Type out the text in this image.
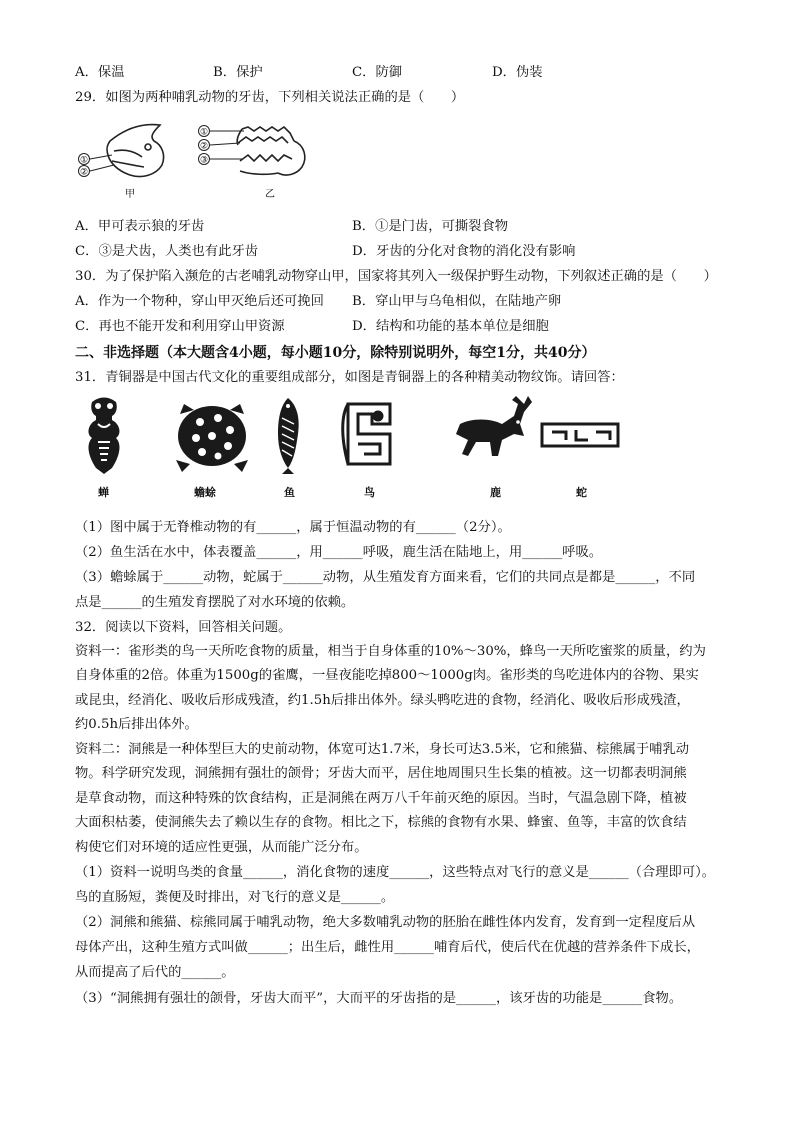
A．保温	B．保护	C．防御	D．伪装
29．如图为两种哺乳动物的牙齿，下列相关说法正确的是（　　）
①
②
甲
①
②
③
乙
A．甲可表示狼的牙齿	B．①是门齿，可撕裂食物
C．③是犬齿，人类也有此牙齿	D．牙齿的分化对食物的消化没有影响
30．为了保护陷入濒危的古老哺乳动物穿山甲，国家将其列入一级保护野生动物，下列叙述正确的是（　　）
A．作为一个物种，穿山甲灭绝后还可挽回 B．穿山甲与乌龟相似，在陆地产卵
C．再也不能开发和利用穿山甲资源	D．结构和功能的基本单位是细胞
二、非选择题（本大题含4小题，每小题10分，除特别说明外，每空1分，共40分）
31．青铜器是中国古代文化的重要组成部分，如图是青铜器上的各种精美动物纹饰。请回答：
蝉	蟾蜍	鱼	鸟	鹿	蛇
（1）图中属于无脊椎动物的有______，属于恒温动物的有______（2分）。
（2）鱼生活在水中，体表覆盖______，用______呼吸，鹿生活在陆地上，用______呼吸。
（3）蟾蜍属于______动物，蛇属于______动物，从生殖发育方面来看，它们的共同点是都是______，不同
点是______的生殖发育摆脱了对水环境的依赖。
32．阅读以下资料，回答相关问题。
资料一：雀形类的鸟一天所吃食物的质量，相当于自身体重的10%～30%，蜂鸟一天所吃蜜浆的质量，约为
自身体重的2倍。体重为1500g的雀鹰，一昼夜能吃掉800～1000g肉。雀形类的鸟吃进体内的谷物、果实
或昆虫，经消化、吸收后形成残渣，约1.5h后排出体外。绿头鸭吃进的食物，经消化、吸收后形成残渣，
约0.5h后排出体外。
资料二：洞熊是一种体型巨大的史前动物，体宽可达1.7米，身长可达3.5米，它和熊猫、棕熊属于哺乳动
物。科学研究发现，洞熊拥有强壮的颌骨；牙齿大而平，居住地周围只生长集的植被。这一切都表明洞熊
是草食动物，而这种特殊的饮食结构，正是洞熊在两万八千年前灭绝的原因。当时，气温急剧下降，植被
大面积枯萎，使洞熊失去了赖以生存的食物。相比之下，棕熊的食物有水果、蜂蜜、鱼等，丰富的饮食结
构使它们对环境的适应性更强，从而能广泛分布。
（1）资料一说明鸟类的食量______，消化食物的速度______，这些特点对飞行的意义是______（合理即可）。
鸟的直肠短，粪便及时排出，对飞行的意义是______。
（2）洞熊和熊猫、棕熊同属于哺乳动物，绝大多数哺乳动物的胚胎在雌性体内发育，发育到一定程度后从
母体产出，这种生殖方式叫做______；出生后，雌性用______哺育后代，使后代在优越的营养条件下成长，
从而提高了后代的______。
（3）“洞熊拥有强壮的颌骨，牙齿大而平”，大而平的牙齿指的是______，该牙齿的功能是______食物。
